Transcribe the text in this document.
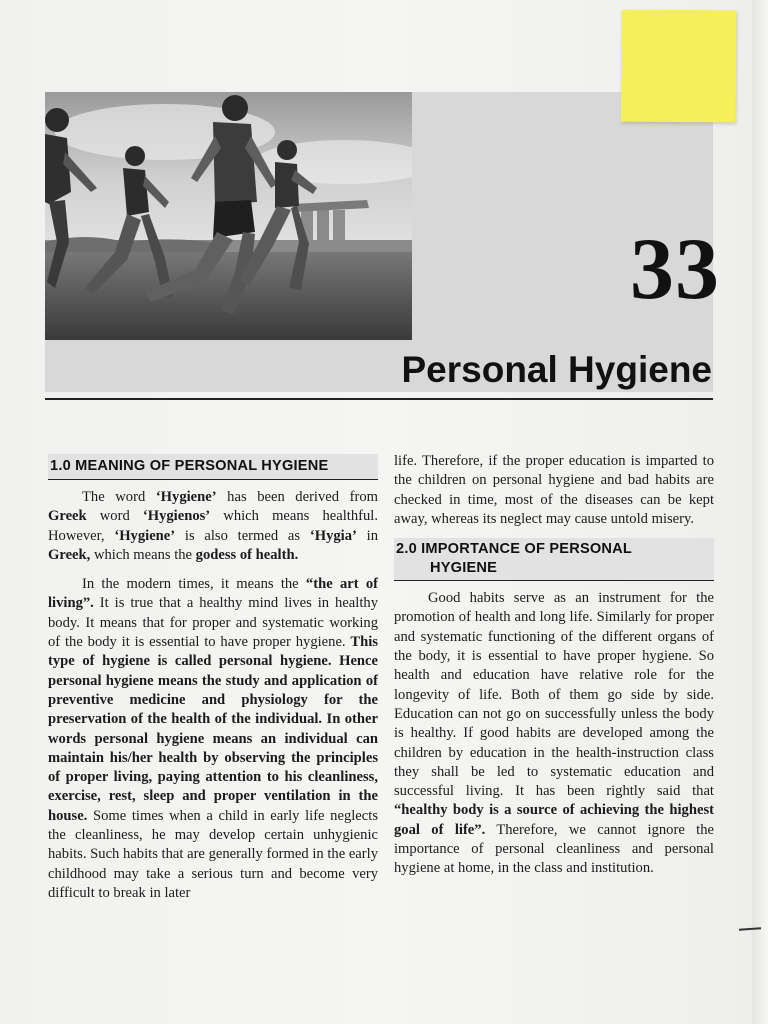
33
Personal Hygiene
1.0 MEANING OF PERSONAL HYGIENE

The word ‘Hygiene’ has been derived from Greek word ‘Hygienos’ which means healthful. However, ‘Hygiene’ is also termed as ‘Hygia’ in Greek, which means the godess of health.

In the modern times, it means the “the art of living”. It is true that a healthy mind lives in healthy body. It means that for proper and systematic working of the body it is essential to have proper hygiene. This type of hygiene is called personal hygiene. Hence personal hygiene means the study and application of preventive medicine and physiology for the preservation of the health of the individual. In other words personal hygiene means an individual can maintain his/her health by observing the principles of proper living, paying attention to his cleanliness, exercise, rest, sleep and proper ventilation in the house. Some times when a child in early life neglects the cleanliness, he may develop certain unhygienic habits. Such habits that are generally formed in the early childhood may take a serious turn and become very difficult to break in later

life. Therefore, if the proper education is imparted to the children on personal hygiene and bad habits are checked in time, most of the diseases can be kept away, whereas its neglect may cause untold misery.

2.0 IMPORTANCE OF PERSONAL
HYGIENE

Good habits serve as an instrument for the promotion of health and long life. Similarly for proper and systematic functioning of the different organs of the body, it is essential to have proper hygiene. So health and education have relative role for the longevity of life. Both of them go side by side. Education can not go on successfully unless the body is healthy. If good habits are developed among the children by education in the health-instruction class they shall be led to systematic education and successful living. It has been rightly said that “healthy body is a source of achieving the highest goal of life”. Therefore, we cannot ignore the importance of personal cleanliness and personal hygiene at home, in the class and institution.
